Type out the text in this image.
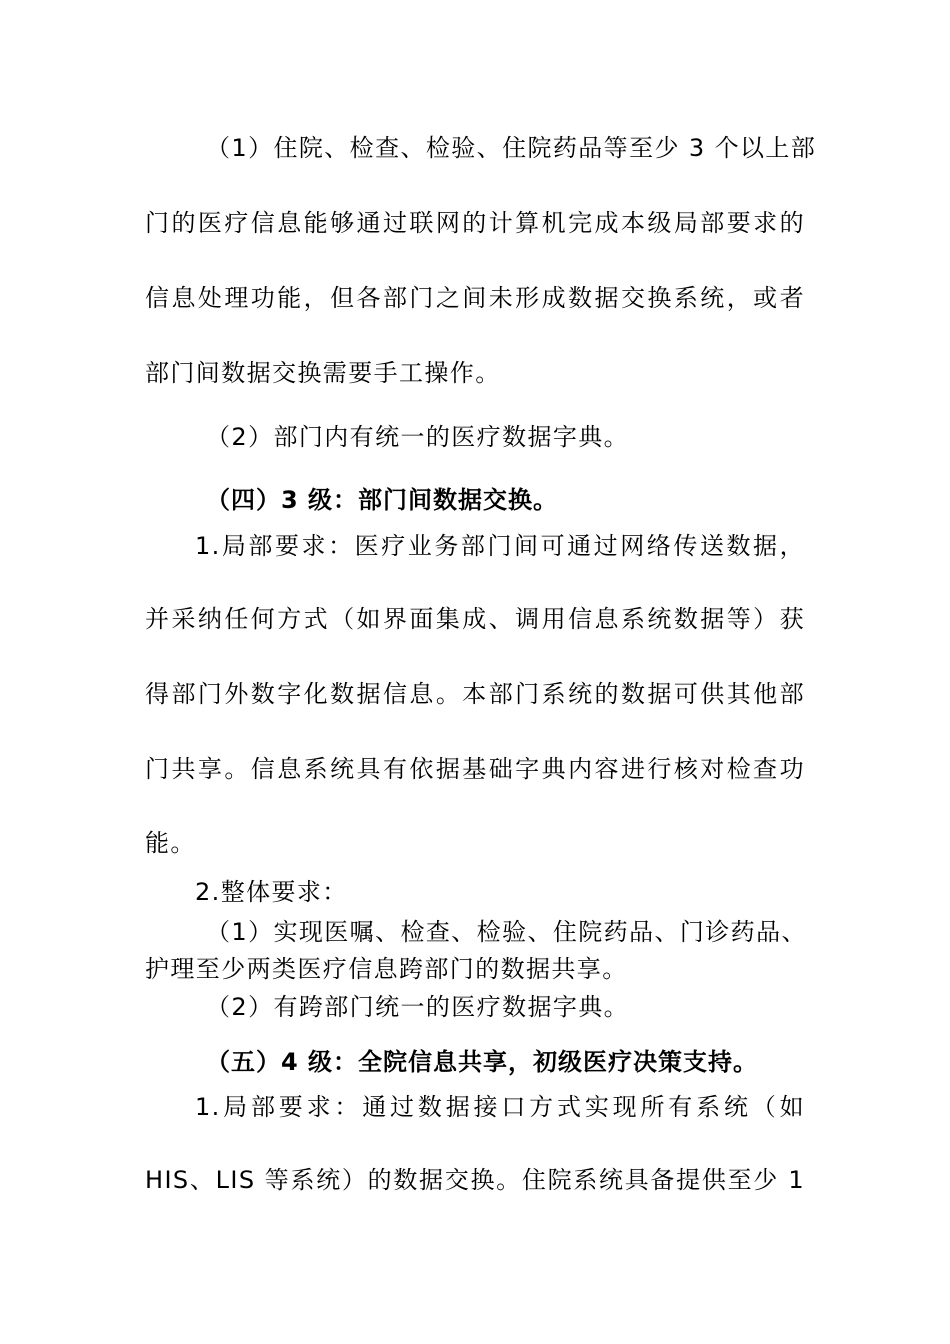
（1）住院、检查、检验、住院药品等至少 3 个以上部

门的医疗信息能够通过联网的计算机完成本级局部要求的

信息处理功能，但各部门之间未形成数据交换系统，或者

部门间数据交换需要手工操作。

（2）部门内有统一的医疗数据字典。

（四）3 级：部门间数据交换。

1.局部要求：医疗业务部门间可通过网络传送数据，

并采纳任何方式（如界面集成、调用信息系统数据等）获

得部门外数字化数据信息。本部门系统的数据可供其他部

门共享。信息系统具有依据基础字典内容进行核对检查功

能。

2.整体要求：

（1）实现医嘱、检查、检验、住院药品、门诊药品、

护理至少两类医疗信息跨部门的数据共享。

（2）有跨部门统一的医疗数据字典。

（五）4 级：全院信息共享，初级医疗决策支持。

1.局部要求：通过数据接口方式实现所有系统（如

HIS、LIS 等系统）的数据交换。住院系统具备提供至少 1
